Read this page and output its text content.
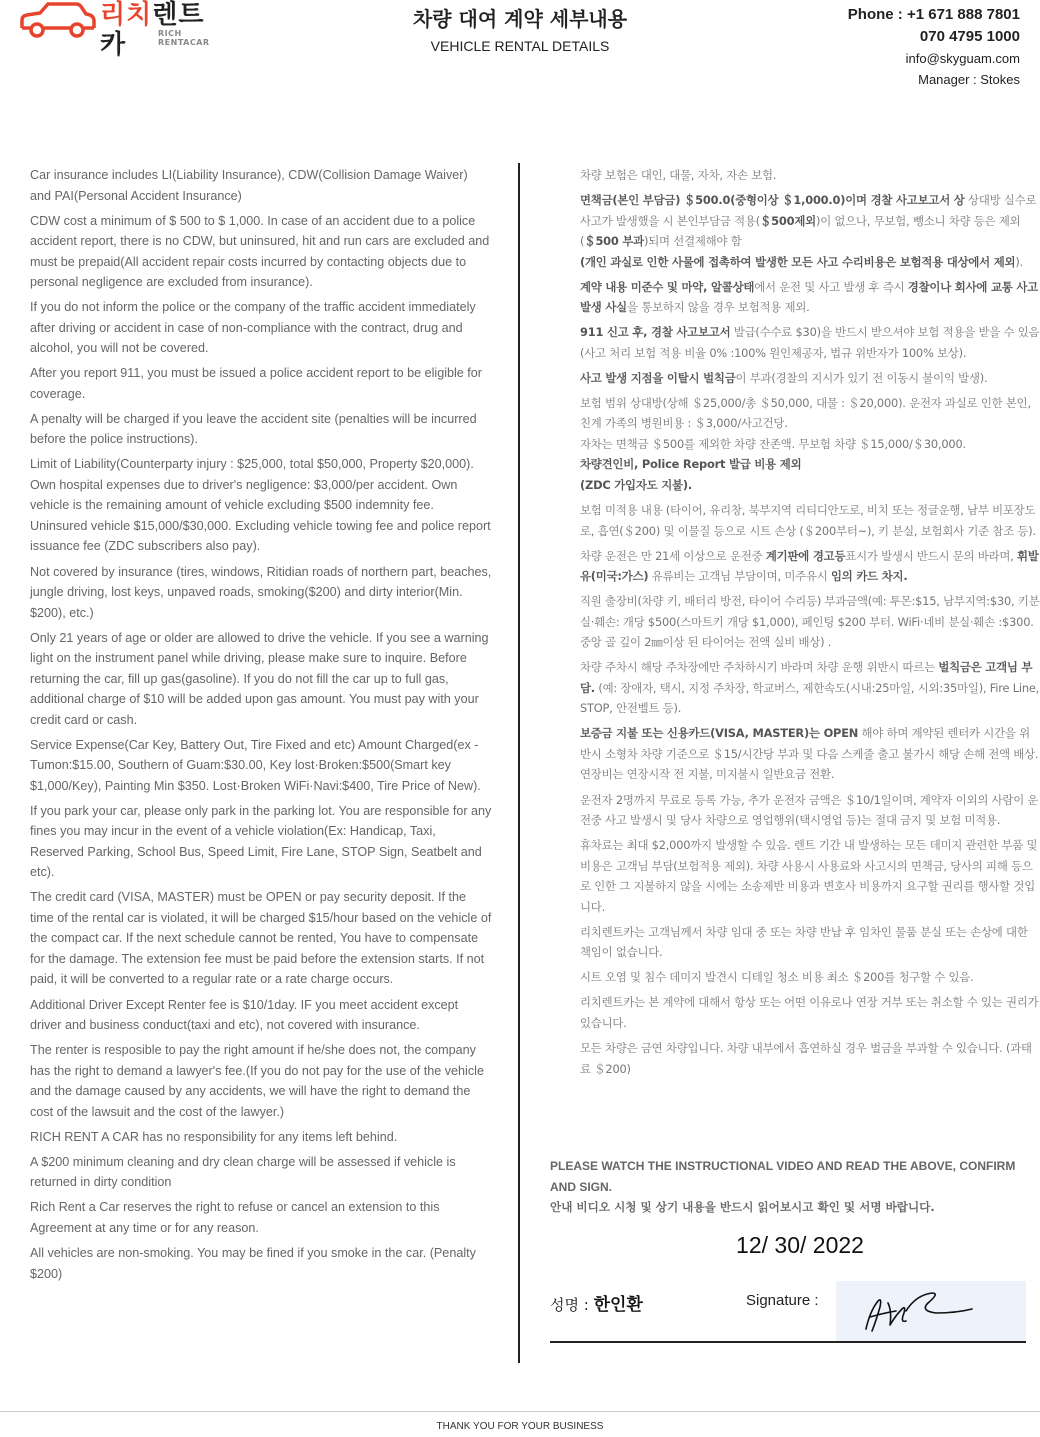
리치렌트카	RICH RENTACAR
차량 대여 계약 세부내용
VEHICLE RENTAL DETAILS
Phone : +1 671 888 7801
070 4795 1000
info@skyguam.com
Manager : Stokes

Car insurance includes LI(Liability Insurance), CDW(Collision Damage Waiver) and PAI(Personal Accident Insurance)

CDW cost a minimum of $ 500 to $ 1,000. In case of an accident due to a police accident report, there is no CDW, but uninsured, hit and run cars are excluded and must be prepaid(All accident repair costs incurred by contacting objects due to personal negligence are excluded from insurance).

If you do not inform the police or the company of the traffic accident immediately after driving or accident in case of non-compliance with the contract, drug and alcohol, you will not be covered.

After you report 911, you must be issued a police accident report to be eligible for coverage.

A penalty will be charged if you leave the accident site (penalties will be incurred before the police instructions).

Limit of Liability(Counterparty injury : $25,000, total $50,000, Property $20,000). Own hospital expenses due to driver's negligence: $3,000/per accident. Own vehicle is the remaining amount of vehicle excluding $500 indemnity fee. Uninsured vehicle $15,000/$30,000. Excluding vehicle towing fee and police report issuance fee (ZDC subscribers also pay).

Not covered by insurance (tires, windows, Ritidian roads of northern part, beaches, jungle driving, lost keys, unpaved roads, smoking($200) and dirty interior(Min. $200), etc.)

Only 21 years of age or older are allowed to drive the vehicle. If you see a warning light on the instrument panel while driving, please make sure to inquire. Before returning the car, fill up gas(gasoline). If you do not fill the car up to full gas, additional charge of $10 will be added upon gas amount. You must pay with your credit card or cash.

Service Expense(Car Key, Battery Out, Tire Fixed and etc) Amount Charged(ex - Tumon:$15.00, Southern of Guam:$30.00, Key lost·Broken:$500(Smart key $1,000/Key), Painting Min $350. Lost·Broken WiFi·Navi:$400, Tire Price of New).

If you park your car, please only park in the parking lot. You are responsible for any fines you may incur in the event of a vehicle violation(Ex: Handicap, Taxi, Reserved Parking, School Bus, Speed Limit, Fire Lane, STOP Sign, Seatbelt and etc).

The credit card (VISA, MASTER) must be OPEN or pay security deposit. If the time of the rental car is violated, it will be charged $15/hour based on the vehicle of the compact car. If the next schedule cannot be rented, You have to compensate for the damage. The extension fee must be paid before the extension starts. If not paid, it will be converted to a regular rate or a rate charge occurs.

Additional Driver Except Renter fee is $10/1day. IF you meet accident except driver and business conduct(taxi and etc), not covered with insurance.

The renter is resposible to pay the right amount if he/she does not, the company has the right to demand a lawyer's fee.(If you do not pay for the use of the vehicle and the damage caused by any accidents, we will have the right to demand the cost of the lawsuit and the cost of the lawyer.)

RICH RENT A CAR has no responsibility for any items left behind.

A $200 minimum cleaning and dry clean charge will be assessed if vehicle is returned in dirty condition

Rich Rent a Car reserves the right to refuse or cancel an extension to this Agreement at any time or for any reason.

All vehicles are non-smoking. You may be fined if you smoke in the car. (Penalty $200)

차량 보험은 대인, 대물, 자차, 자손 보험.

면책금(본인 부담금) ＄500.0(중형이상 ＄1,000.0)이며 경찰 사고보고서 상 상대방 실수로 사고가 발생했을 시 본인부담금 적용(＄500제외)이 없으나, 무보험, 뺑소니 차량 등은 제외(＄500 부과)되며 선결제해야 함
(개인 과실로 인한 사물에 접촉하여 발생한 모든 사고 수리비용은 보험적용 대상에서 제외).

계약 내용 미준수 및 마약, 알콜상태에서 운전 및 사고 발생 후 즉시 경찰이나 회사에 교통 사고 발생 사실을 통보하지 않을 경우 보험적용 제외.

911 신고 후, 경찰 사고보고서 발급(수수료 $30)을 반드시 받으셔야 보험 적용을 받을 수 있음(사고 처리 보험 적용 비율 0% :100% 원인제공자, 법규 위반자가 100% 보상).

사고 발생 지점을 이탈시 벌칙금이 부과(경찰의 지시가 있기 전 이동시 불이익 발생).

보험 범위 상대방(상해 ＄25,000/총 ＄50,000, 대물 : ＄20,000). 운전자 과실로 인한 본인, 친계 가족의 병원비용 : ＄3,000/사고건당.
자차는 면책금 ＄500를 제외한 차량 잔존액. 무보험 차량 ＄15,000/＄30,000.
차량견인비, Police Report 발급 비용 제외
(ZDC 가입자도 지불).

보험 미적용 내용 (타이어, 유리창, 북부지역 리티디안도로, 비치 또는 정글운행, 남부 비포장도로, 흡연(＄200) 및 이물질 등으로 시트 손상 (＄200부터~), 키 분실, 보험회사 기준 참조 등).

차량 운전은 만 21세 이상으로 운전중 계기판에 경고등표시가 발생시 반드시 문의 바라며, 휘발유(미국:가스) 유류비는 고객님 부담이며, 미주유시 임의 카드 차지.

직원 출장비(차량 키, 배터리 방전, 타이어 수리등) 부과금액(예: 투몬:$15, 남부지역:$30, 키분실·훼손: 개당 $500(스마트키 개당 $1,000), 페인팅 $200 부터. WiFi·네비 분실·훼손 :$300. 중앙 골 깊이 2㎜이상 된 타이어는 전액 실비 배상) .

차량 주차시 해당 주차장에만 주차하시기 바라며 차량 운행 위반시 따르는 벌칙금은 고객님 부담. (예: 장애자, 택시, 지정 주차장, 학교버스, 제한속도(시내:25마일, 시외:35마일), Fire Line, STOP, 안전벨트 등).

보증금 지불 또는 신용카드(VISA, MASTER)는 OPEN 해야 하며 계약된 렌터카 시간을 위반시 소형차 차량 기준으로 ＄15/시간당 부과 및 다음 스케줄 출고 불가시 해당 손해 전액 배상. 연장비는 연장시작 전 지불, 미지불시 일반요금 전환.

운전자 2명까지 무료로 등록 가능, 추가 운전자 금액은 ＄10/1일이며, 계약자 이외의 사람이 운전중 사고 발생시 및 당사 차량으로 영업행위(택시영업 등)는 절대 금지 및 보험 미적용.

휴차료는 최대 $2,000까지 발생할 수 있음. 렌트 기간 내 발생하는 모든 데미지 관련한 부품 및 비용은 고객님 부담(보험적용 제외). 차량 사용시 사용료와 사고시의 면책금, 당사의 피해 등으로 인한 그 지불하지 않을 시에는 소송제반 비용과 변호사 비용까지 요구할 권리를 행사할 것입니다.

리치렌트카는 고객님께서 차량 임대 중 또는 차량 반납 후 임차인 물품 분실 또는 손상에 대한 책임이 없습니다.

시트 오염 및 침수 데미지 발견시 디테일 청소 비용 최소 ＄200를 청구할 수 있음.

리치렌트카는 본 계약에 대해서 항상 또는 어떤 이유로나 연장 거부 또는 취소할 수 있는 권리가 있습니다.

모든 차량은 금연 차량입니다. 차량 내부에서 흡연하실 경우 벌금을 부과할 수 있습니다. (과태료 ＄200)

PLEASE WATCH THE INSTRUCTIONAL VIDEO AND READ THE ABOVE, CONFIRM AND SIGN.
안내 비디오 시청 및 상기 내용을 반드시 읽어보시고 확인 및 서명 바랍니다.
12/ 30/ 2022
성명 : 한인환	Signature :
THANK YOU FOR YOUR BUSINESS
